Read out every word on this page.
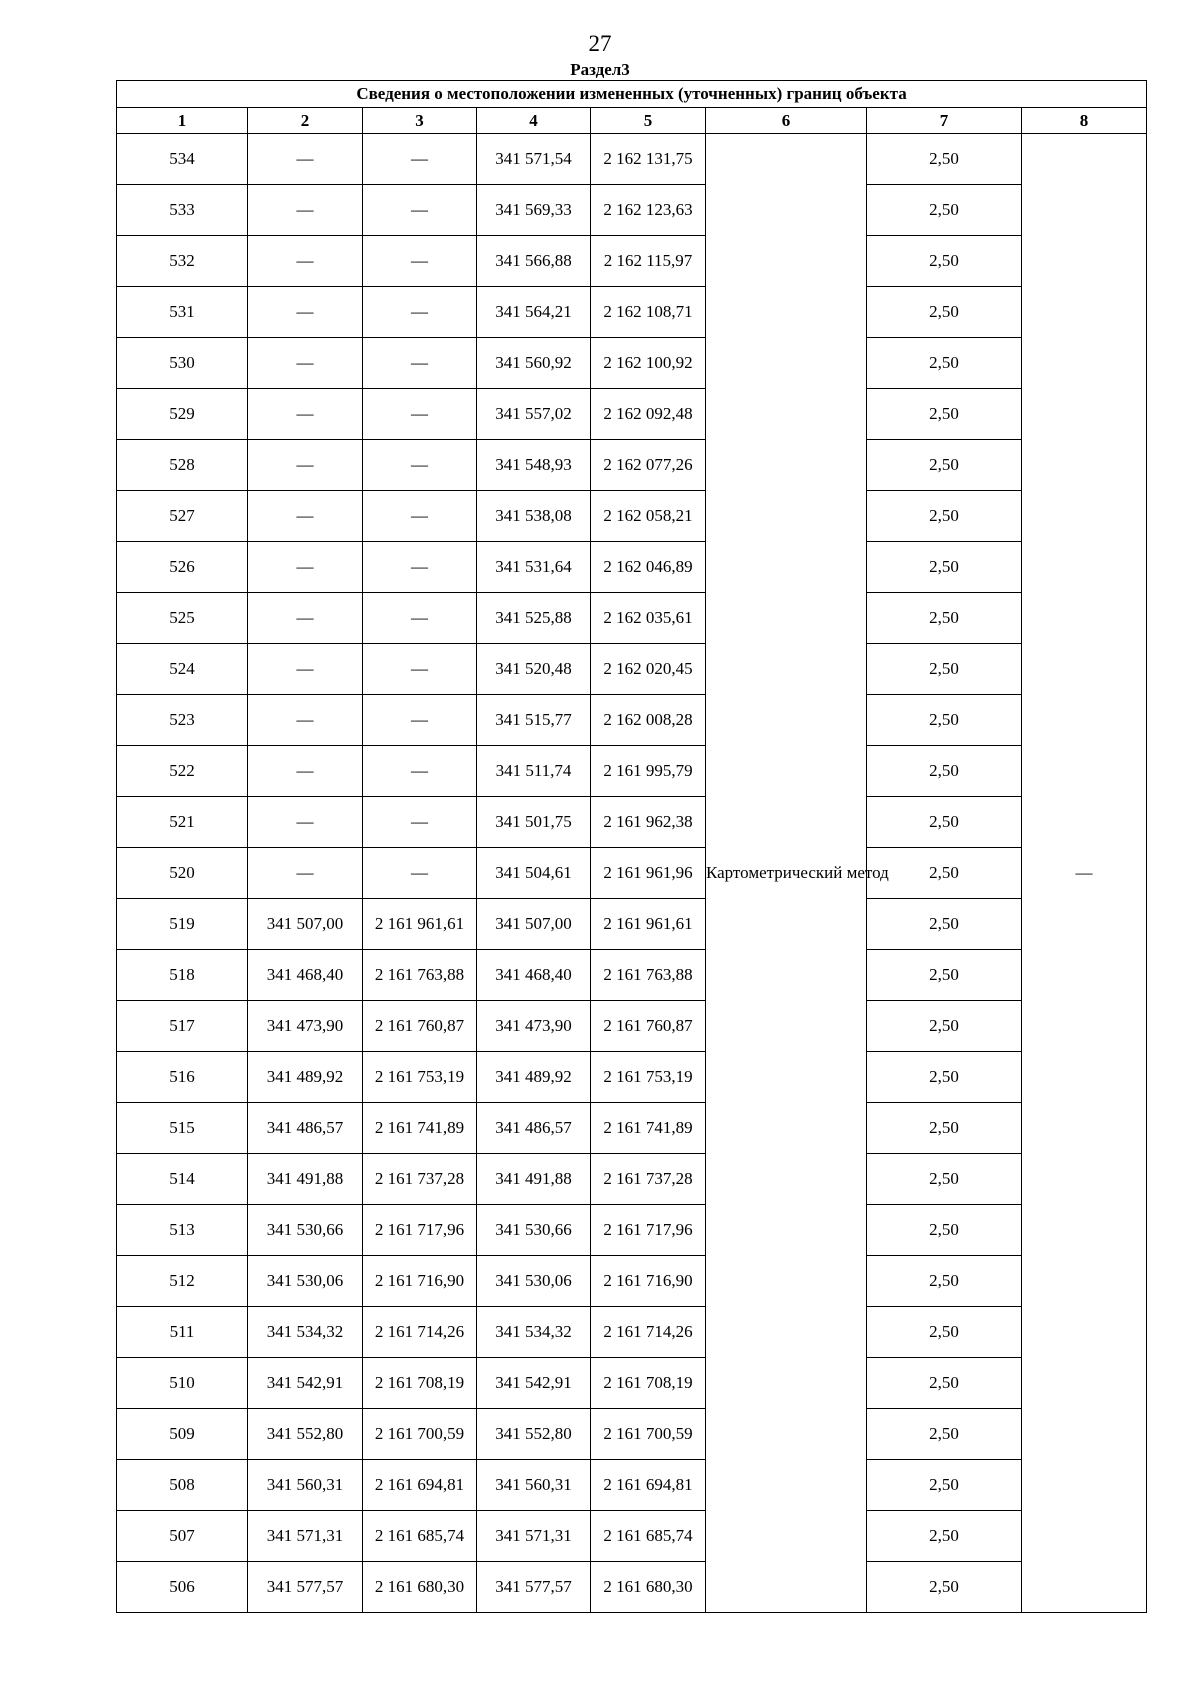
27
Раздел3
Сведения о местоположении измененных (уточненных) границ объекта							
1	2	3	4	5	6	7	8
534	—	—	341 571,54	2 162 131,75	Картометрический метод	2,50	—
533	—	—	341 569,33	2 162 123,63		2,50	
532	—	—	341 566,88	2 162 115,97		2,50	
531	—	—	341 564,21	2 162 108,71		2,50	
530	—	—	341 560,92	2 162 100,92		2,50	
529	—	—	341 557,02	2 162 092,48		2,50	
528	—	—	341 548,93	2 162 077,26		2,50	
527	—	—	341 538,08	2 162 058,21		2,50	
526	—	—	341 531,64	2 162 046,89		2,50	
525	—	—	341 525,88	2 162 035,61		2,50	
524	—	—	341 520,48	2 162 020,45		2,50	
523	—	—	341 515,77	2 162 008,28		2,50	
522	—	—	341 511,74	2 161 995,79		2,50	
521	—	—	341 501,75	2 161 962,38		2,50	
520	—	—	341 504,61	2 161 961,96		2,50	
519	341 507,00	2 161 961,61	341 507,00	2 161 961,61		2,50	
518	341 468,40	2 161 763,88	341 468,40	2 161 763,88		2,50	
517	341 473,90	2 161 760,87	341 473,90	2 161 760,87		2,50	
516	341 489,92	2 161 753,19	341 489,92	2 161 753,19		2,50	
515	341 486,57	2 161 741,89	341 486,57	2 161 741,89		2,50	
514	341 491,88	2 161 737,28	341 491,88	2 161 737,28		2,50	
513	341 530,66	2 161 717,96	341 530,66	2 161 717,96		2,50	
512	341 530,06	2 161 716,90	341 530,06	2 161 716,90		2,50	
511	341 534,32	2 161 714,26	341 534,32	2 161 714,26		2,50	
510	341 542,91	2 161 708,19	341 542,91	2 161 708,19		2,50	
509	341 552,80	2 161 700,59	341 552,80	2 161 700,59		2,50	
508	341 560,31	2 161 694,81	341 560,31	2 161 694,81		2,50	
507	341 571,31	2 161 685,74	341 571,31	2 161 685,74		2,50	
506	341 577,57	2 161 680,30	341 577,57	2 161 680,30		2,50	
